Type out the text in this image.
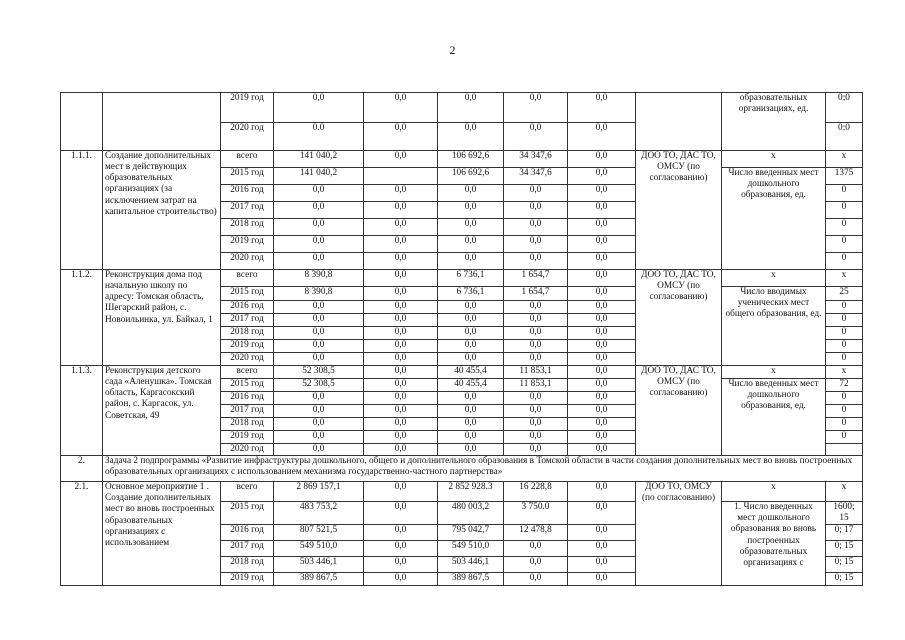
2
		2019 год	0,0	0,0	0,0	0,0	0,0		образовательных организациях, ед.	0;0
		2020 год	0.0	0,0	0,0	0,0	0,0			0;0
1.1.1.	Создание дополнительных мест в действующих образовательных организациях (за исключением затрат на капитальное строительство)	всего	141 040,2	0,0	106 692,6	34 347,6	0,0	ДОО ТО, ДАС ТО, ОМСУ (по согласованию)	x	x
		2015 год	141 040,2		106 692,6	34 347,6	0,0		Число введенных мест дошкольного образования, ед.	1375
		2016 год	0,0	0,0	0,0	0,0	0,0			0
		2017 год	0,0	0,0	0,0	0,0	0,0			0
		2018 год	0,0	0,0	0,0	0,0	0,0			0
		2019 год	0,0	0,0	0,0	0,0	0,0			0
		2020 год	0,0	0,0	0,0	0,0	0,0			0
1.1.2.	Реконструкция дома под начальную школу по адресу: Томская область, Шегарский район, с. Новоильинка, ул. Байкал, 1	всего	8 390,8	0,0	6 736,1	1 654,7	0,0	ДОО ТО, ДАС ТО, ОМСУ (по согласованию)	x	x
		2015 год	8 390,8	0,0	6 736,1	1 654,7	0,0		Число вводимых ученических мест общего образования, ед.	25
		2016 год	0,0	0,0	0,0	0,0	0,0			0
		2017 год	0,0	0,0	0,0	0,0	0,0			0
		2018 год	0,0	0,0	0,0	0,0	0,0			0
		2019 год	0,0	0,0	0,0	0,0	0,0			0
		2020 год	0,0	0,0	0,0	0,0	0,0			0
1.1.3.	Реконструкция детского сада «Аленушка». Томская область, Каргасокский район, с. Каргасок, ул. Советская, 49	всего	52 308,5	0,0	40 455,4	11 853,1	0,0	ДОО ТО, ДАС ТО, ОМСУ (по согласованию)	x	x
		2015 год	52 308,5	0,0	40 455,4	11 853,1	0,0		Число введенных мест дошкольного образования, ед.	72
		2016 год	0,0	0,0	0,0	0,0	0,0			0
		2017 год	0,0	0,0	0,0	0,0	0,0			0
		2018 год	0,0	0,0	0,0	0,0	0,0			0
		2019 год	0,0	0,0	0,0	0,0	0,0			0
		2020 год	0,0	0,0	0,0	0,0	0,0			
2.	Задача 2 подпрограммы «Развитие инфраструктуры дошкольного, общего и дополнительного образования в Томской области в части создания дополнительных мест во вновь построенных образовательных организациях с использованием механизма государственно-частного партнерства»									
2.1.	Основное мероприятие 1 . Создание дополнительных мест во вновь построенных образовательных организациях с использованием	всего	2 869 157,1	0,0	2 852 928.3	16 228,8	0,0	ДОО ТО, ОМСУ (по согласованию)	x	x
		2015 год	483 753,2	0,0	480 003,2	3 750.0	0,0		1. Число введенных мест дошкольного образования во вновь построенных образовательных организациях с	1600; 15
		2016 год	807 521,5	0,0	795 042,7	12 478,8	0,0			0; 17
		2017 год	549 510,0	0,0	549 510,0	0,0	0,0			0; 15
		2018 год	503 446,1	0,0	503 446,1	0,0	0,0			0; 15
		2019 год	389 867,5	0,0	389 867,5	0,0	0,0			0; 15
